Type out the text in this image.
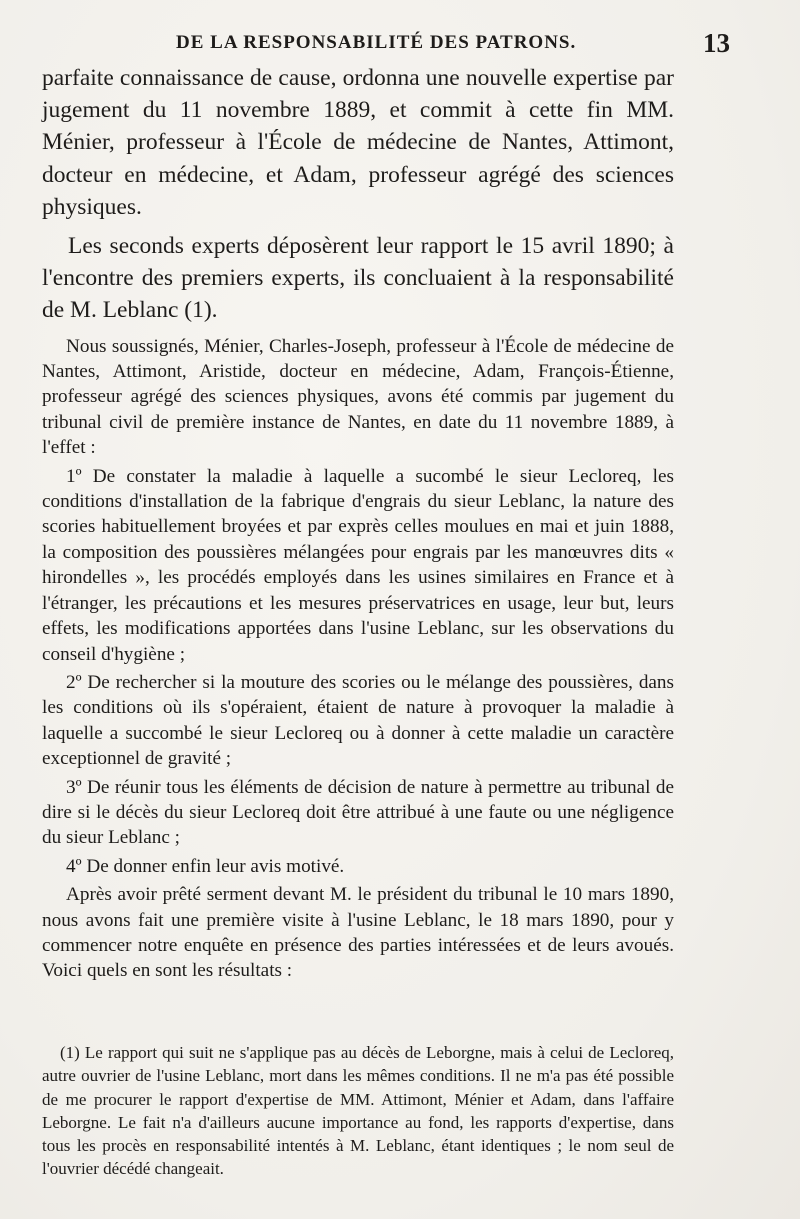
DE LA RESPONSABILITÉ DES PATRONS.	13

parfaite connaissance de cause, ordonna une nouvelle expertise par jugement du 11 novembre 1889, et commit à cette fin MM. Ménier, professeur à l'École de médecine de Nantes, Attimont, docteur en médecine, et Adam, professeur agrégé des sciences physiques.

Les seconds experts déposèrent leur rapport le 15 avril 1890; à l'encontre des premiers experts, ils concluaient à la responsabilité de M. Leblanc (1).

Nous soussignés, Ménier, Charles-Joseph, professeur à l'École de médecine de Nantes, Attimont, Aristide, docteur en médecine, Adam, François-Étienne, professeur agrégé des sciences physiques, avons été commis par jugement du tribunal civil de première instance de Nantes, en date du 11 novembre 1889, à l'effet :

1º De constater la maladie à laquelle a sucombé le sieur Lecloreq, les conditions d'installation de la fabrique d'engrais du sieur Leblanc, la nature des scories habituellement broyées et par exprès celles moulues en mai et juin 1888, la composition des poussières mélangées pour engrais par les manœuvres dits « hirondelles », les procédés employés dans les usines similaires en France et à l'étranger, les précautions et les mesures préservatrices en usage, leur but, leurs effets, les modifications apportées dans l'usine Leblanc, sur les observations du conseil d'hygiène ;

2º De rechercher si la mouture des scories ou le mélange des poussières, dans les conditions où ils s'opéraient, étaient de nature à provoquer la maladie à laquelle a succombé le sieur Lecloreq ou à donner à cette maladie un caractère exceptionnel de gravité ;

3º De réunir tous les éléments de décision de nature à permettre au tribunal de dire si le décès du sieur Lecloreq doit être attribué à une faute ou une négligence du sieur Leblanc ;

4º De donner enfin leur avis motivé.

Après avoir prêté serment devant M. le président du tribunal le 10 mars 1890, nous avons fait une première visite à l'usine Leblanc, le 18 mars 1890, pour y commencer notre enquête en présence des parties intéressées et de leurs avoués. Voici quels en sont les résultats :

(1) Le rapport qui suit ne s'applique pas au décès de Leborgne, mais à celui de Lecloreq, autre ouvrier de l'usine Leblanc, mort dans les mêmes conditions. Il ne m'a pas été possible de me procurer le rapport d'expertise de MM. Attimont, Ménier et Adam, dans l'affaire Leborgne. Le fait n'a d'ailleurs aucune importance au fond, les rapports d'expertise, dans tous les procès en responsabilité intentés à M. Leblanc, étant identiques ; le nom seul de l'ouvrier décédé changeait.
